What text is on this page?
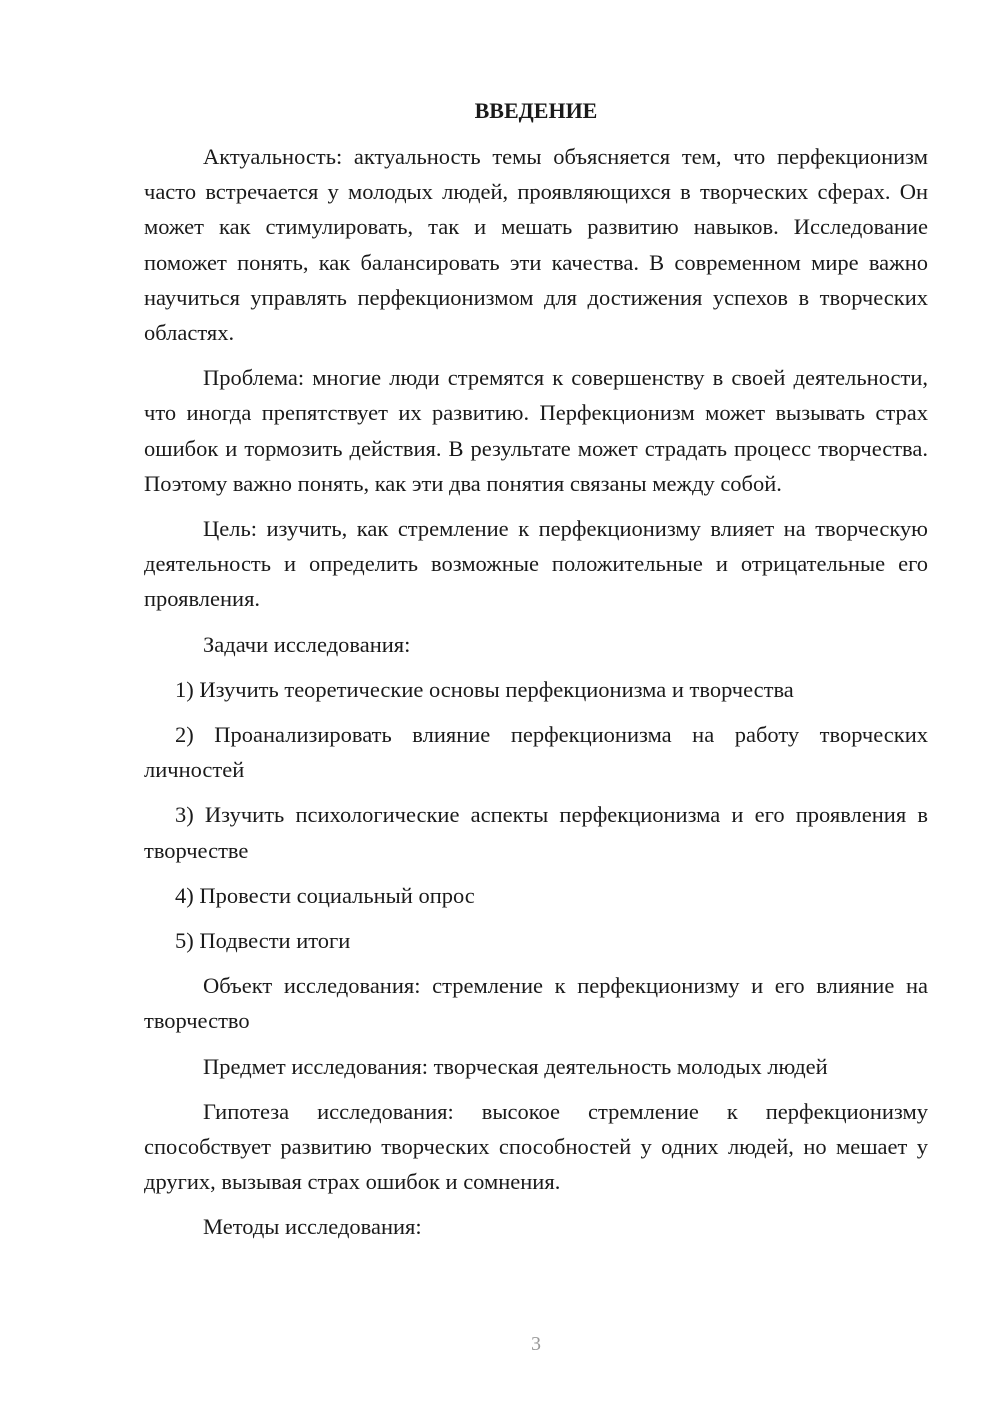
ВВЕДЕНИЕ

Актуальность: актуальность темы объясняется тем, что перфекционизм часто встречается у молодых людей, проявляющихся в творческих сферах. Он может как стимулировать, так и мешать развитию навыков. Исследование поможет понять, как балансировать эти качества. В современном мире важно научиться управлять перфекционизмом для достижения успехов в творческих областях.

Проблема: многие люди стремятся к совершенству в своей деятельности, что иногда препятствует их развитию. Перфекционизм может вызывать страх ошибок и тормозить действия. В результате может страдать процесс творчества. Поэтому важно понять, как эти два понятия связаны между собой.

Цель: изучить, как стремление к перфекционизму влияет на творческую деятельность и определить возможные положительные и отрицательные его проявления.

Задачи исследования:

1) Изучить теоретические основы перфекционизма и творчества

2) Проанализировать влияние перфекционизма на работу творческих личностей

3) Изучить психологические аспекты перфекционизма и его проявления в творчестве

4) Провести социальный опрос

5) Подвести итоги

Объект исследования: стремление к перфекционизму и его влияние на творчество

Предмет исследования: творческая деятельность молодых людей

Гипотеза исследования: высокое стремление к перфекционизму способствует развитию творческих способностей у одних людей, но мешает у других, вызывая страх ошибок и сомнения.

Методы исследования:

3
